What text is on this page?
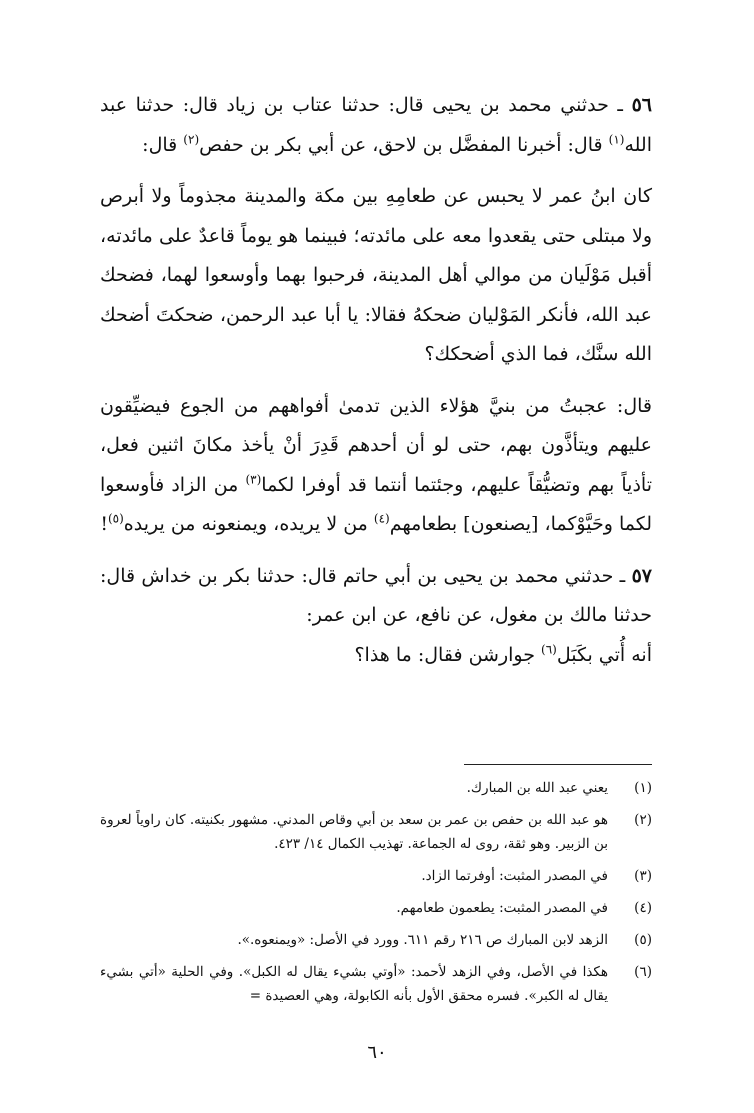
٥٦ ـ حدثني محمد بن يحيى قال: حدثنا عتاب بن زياد قال: حدثنا عبد الله$^{(١)}$ قال: أخبرنا المفضَّل بن لاحق، عن أبي بكر بن حفص$^{(٢)}$ قال:

كان ابنُ عمر لا يحبس عن طعامِهِ بين مكة والمدينة مجذوماً ولا أبرص ولا مبتلى حتى يقعدوا معه على مائدته؛ فبينما هو يوماً قاعدٌ على مائدته، أقبل مَوْلَيان من موالي أهل المدينة، فرحبوا بهما وأوسعوا لهما، فضحك عبد الله، فأنكر المَوْليان ضحكهُ فقالا: يا أبا عبد الرحمن، ضحكتَ أضحك الله سنَّك، فما الذي أضحكك؟

قال: عجبتُ من بنيَّ هؤلاء الذين تدمىٰ أفواههم من الجوع فيضيِّقون عليهم ويتأذَّون بهم، حتى لو أن أحدهم قَدِرَ أنْ يأخذ مكانَ اثنين فعل، تأذياً بهم وتضيُّقاً عليهم، وجئتما أنتما قد أوفرا لكما$^{(٣)}$ من الزاد فأوسعوا لكما وحَيَّوْكما، [يصنعون] بطعامهم$^{(٤)}$ من لا يريده، ويمنعونه من يريده$^{(٥)}$!

٥٧ ـ حدثني محمد بن يحيى بن أبي حاتم قال: حدثنا بكر بن خداش قال: حدثنا مالك بن مغول، عن نافع، عن ابن عمر:

أنه أُتي بكَبَل$^{(٦)}$ جوارشن فقال: ما هذا؟

(١)
يعني عبد الله بن المبارك.
(٢)
هو عبد الله بن حفص بن عمر بن سعد بن أبي وقاص المدني. مشهور بكنيته. كان راوياً لعروة بن الزبير. وهو ثقة، روى له الجماعة. تهذيب الكمال ١٤/ ٤٢٣.
(٣)
في المصدر المثبت: أوفرتما الزاد.
(٤)
في المصدر المثبت: يطعمون طعامهم.
(٥)
الزهد لابن المبارك ص ٢١٦ رقم ٦١١. وورد في الأصل: «ويمنعوه.».
(٦)
هكذا في الأصل، وفي الزهد لأحمد: «أوتي بشيء يقال له الكبل». وفي الحلية «أتي بشيء يقال له الكبر». فسره محقق الأول بأنه الكابولة، وهي العصيدة =
٦٠
